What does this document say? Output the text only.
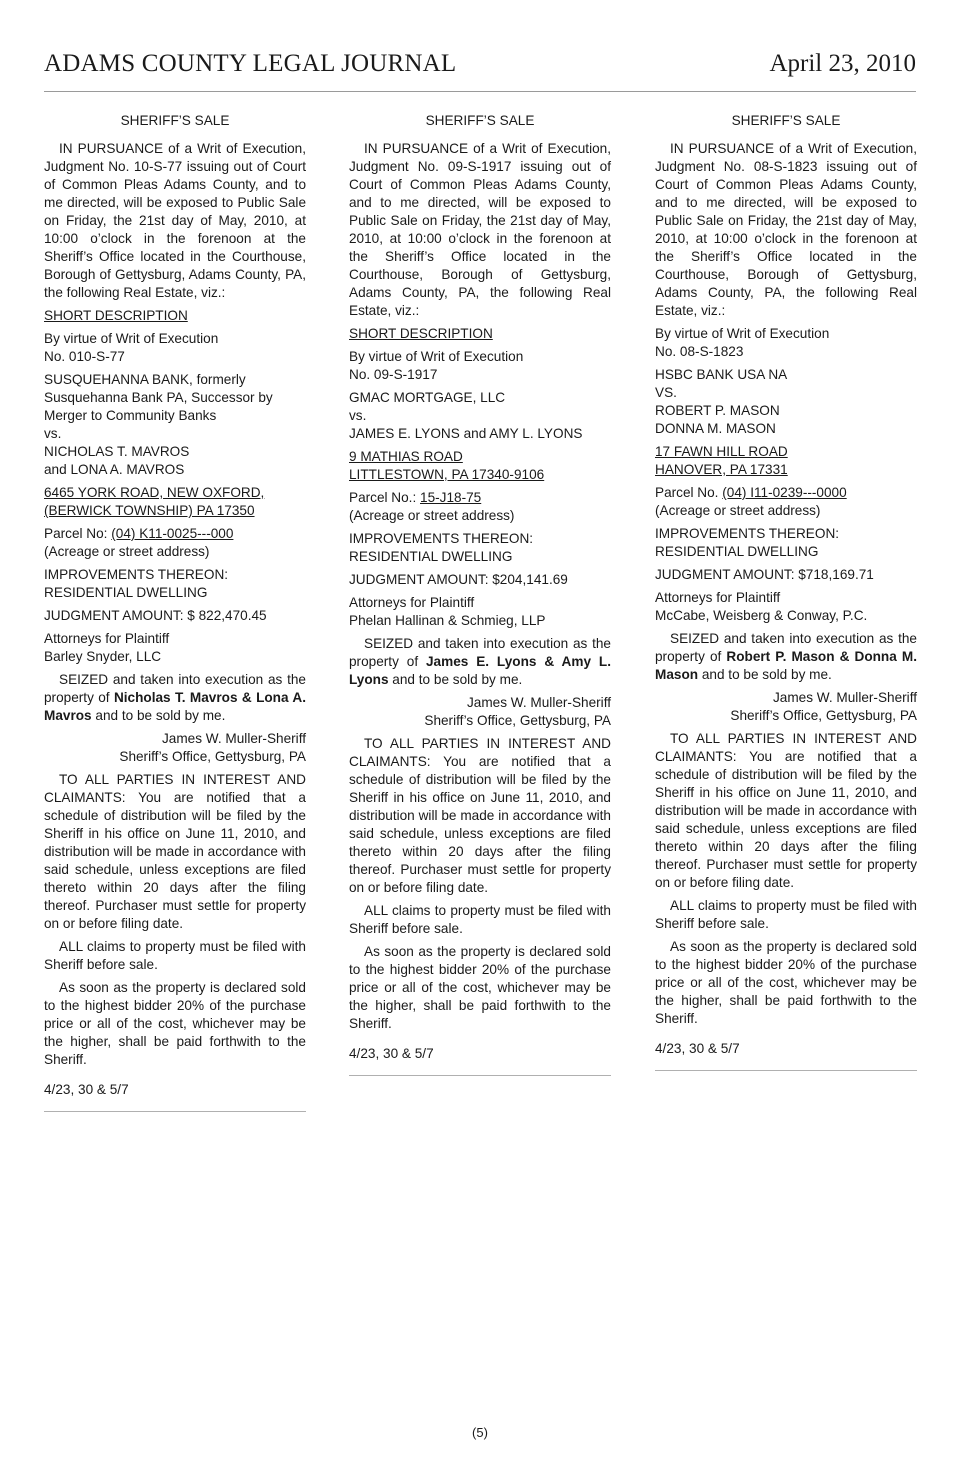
ADAMS COUNTY LEGAL JOURNAL	April 23, 2010

SHERIFF’S SALE

IN PURSUANCE of a Writ of Execution, Judgment No. 10-S-77 issuing out of Court of Common Pleas Adams County, and to me directed, will be exposed to Public Sale on Friday, the 21st day of May, 2010, at 10:00 o’clock in the forenoon at the Sheriff’s Office located in the Courthouse, Borough of Gettysburg, Adams County, PA, the following Real Estate, viz.:

SHORT DESCRIPTION

By virtue of Writ of Execution
No. 010-S-77

SUSQUEHANNA BANK, formerly
Susquehanna Bank PA, Successor by
Merger to Community Banks
vs.
NICHOLAS T. MAVROS
and LONA A. MAVROS

6465 YORK ROAD, NEW OXFORD,
(BERWICK TOWNSHIP) PA 17350

Parcel No: (04) K11-0025---000
(Acreage or street address)

IMPROVEMENTS THEREON:
RESIDENTIAL DWELLING

JUDGMENT AMOUNT: $ 822,470.45

Attorneys for Plaintiff
Barley Snyder, LLC

SEIZED and taken into execution as the property of Nicholas T. Mavros & Lona A. Mavros and to be sold by me.

James W. Muller-Sheriff
Sheriff’s Office, Gettysburg, PA

TO ALL PARTIES IN INTEREST AND CLAIMANTS: You are notified that a schedule of distribution will be filed by the Sheriff in his office on June 11, 2010, and distribution will be made in accordance with said schedule, unless exceptions are filed thereto within 20 days after the filing thereof. Purchaser must settle for property on or before filing date.

ALL claims to property must be filed with Sheriff before sale.

As soon as the property is declared sold to the highest bidder 20% of the purchase price or all of the cost, whichever may be the higher, shall be paid forthwith to the Sheriff.

4/23, 30 & 5/7

SHERIFF’S SALE

IN PURSUANCE of a Writ of Execution, Judgment No. 09-S-1917 issuing out of Court of Common Pleas Adams County, and to me directed, will be exposed to Public Sale on Friday, the 21st day of May, 2010, at 10:00 o’clock in the forenoon at the Sheriff’s Office located in the Courthouse, Borough of Gettysburg, Adams County, PA, the following Real Estate, viz.:

SHORT DESCRIPTION

By virtue of Writ of Execution
No. 09-S-1917

GMAC MORTGAGE, LLC
vs.
JAMES E. LYONS and AMY L. LYONS

9 MATHIAS ROAD
LITTLESTOWN, PA 17340-9106

Parcel No.: 15-J18-75
(Acreage or street address)

IMPROVEMENTS THEREON:
RESIDENTIAL DWELLING

JUDGMENT AMOUNT: $204,141.69

Attorneys for Plaintiff
Phelan Hallinan & Schmieg, LLP

SEIZED and taken into execution as the property of James E. Lyons & Amy L. Lyons and to be sold by me.

James W. Muller-Sheriff
Sheriff’s Office, Gettysburg, PA

TO ALL PARTIES IN INTEREST AND CLAIMANTS: You are notified that a schedule of distribution will be filed by the Sheriff in his office on June 11, 2010, and distribution will be made in accordance with said schedule, unless exceptions are filed thereto within 20 days after the filing thereof. Purchaser must settle for property on or before filing date.

ALL claims to property must be filed with Sheriff before sale.

As soon as the property is declared sold to the highest bidder 20% of the purchase price or all of the cost, whichever may be the higher, shall be paid forthwith to the Sheriff.

4/23, 30 & 5/7

SHERIFF’S SALE

IN PURSUANCE of a Writ of Execution, Judgment No. 08-S-1823 issuing out of Court of Common Pleas Adams County, and to me directed, will be exposed to Public Sale on Friday, the 21st day of May, 2010, at 10:00 o’clock in the forenoon at the Sheriff’s Office located in the Courthouse, Borough of Gettysburg, Adams County, PA, the following Real Estate, viz.:

By virtue of Writ of Execution
No. 08-S-1823

HSBC BANK USA NA
VS.
ROBERT P. MASON
DONNA M. MASON

17 FAWN HILL ROAD
HANOVER, PA 17331

Parcel No. (04) I11-0239---0000
(Acreage or street address)

IMPROVEMENTS THEREON:
RESIDENTIAL DWELLING

JUDGMENT AMOUNT: $718,169.71

Attorneys for Plaintiff
McCabe, Weisberg & Conway, P.C.

SEIZED and taken into execution as the property of Robert P. Mason & Donna M. Mason and to be sold by me.

James W. Muller-Sheriff
Sheriff’s Office, Gettysburg, PA

TO ALL PARTIES IN INTEREST AND CLAIMANTS: You are notified that a schedule of distribution will be filed by the Sheriff in his office on June 11, 2010, and distribution will be made in accordance with said schedule, unless exceptions are filed thereto within 20 days after the filing thereof. Purchaser must settle for property on or before filing date.

ALL claims to property must be filed with Sheriff before sale.

As soon as the property is declared sold to the highest bidder 20% of the purchase price or all of the cost, whichever may be the higher, shall be paid forthwith to the Sheriff.

4/23, 30 & 5/7

(5)
